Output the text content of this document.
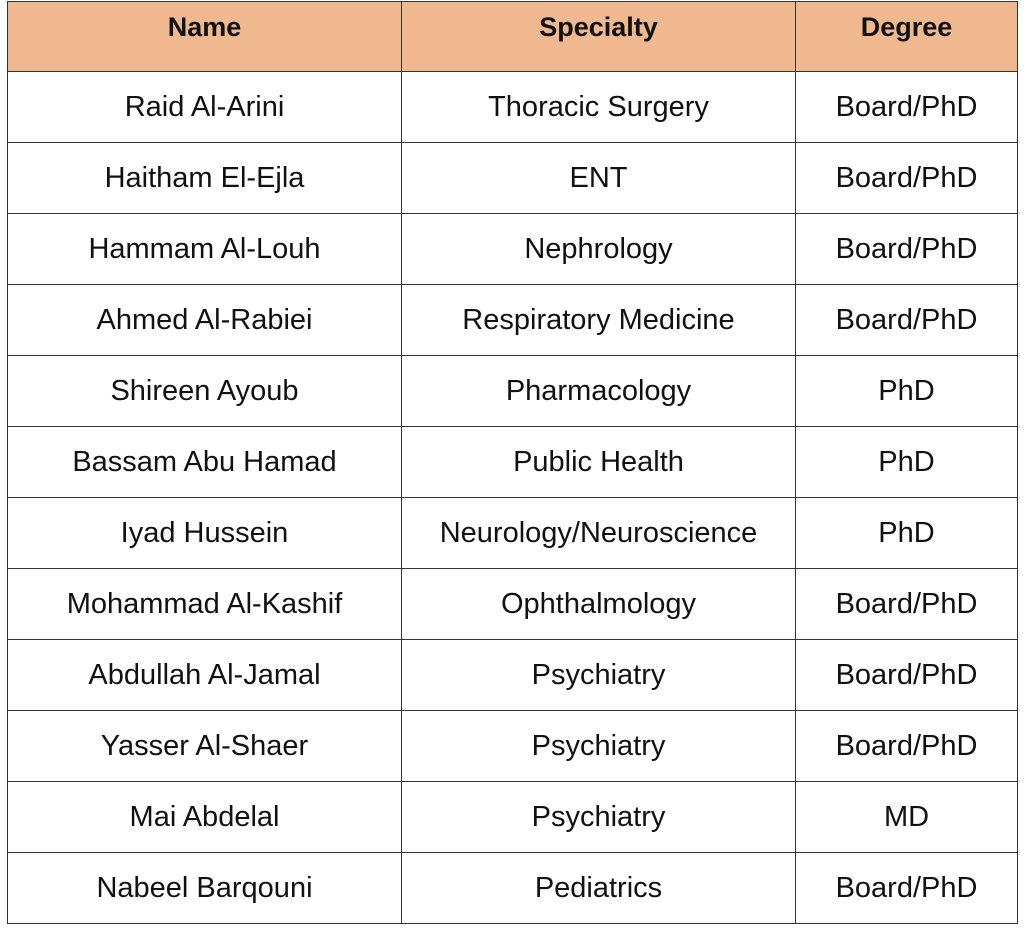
Name	Specialty	Degree
Raid Al-Arini	Thoracic Surgery	Board/PhD
Haitham El-Ejla	ENT	Board/PhD
Hammam Al-Louh	Nephrology	Board/PhD
Ahmed Al-Rabiei	Respiratory Medicine	Board/PhD
Shireen Ayoub	Pharmacology	PhD
Bassam Abu Hamad	Public Health	PhD
Iyad Hussein	Neurology/Neuroscience	PhD
Mohammad Al-Kashif	Ophthalmology	Board/PhD
Abdullah Al-Jamal	Psychiatry	Board/PhD
Yasser Al-Shaer	Psychiatry	Board/PhD
Mai Abdelal	Psychiatry	MD
Nabeel Barqouni	Pediatrics	Board/PhD
